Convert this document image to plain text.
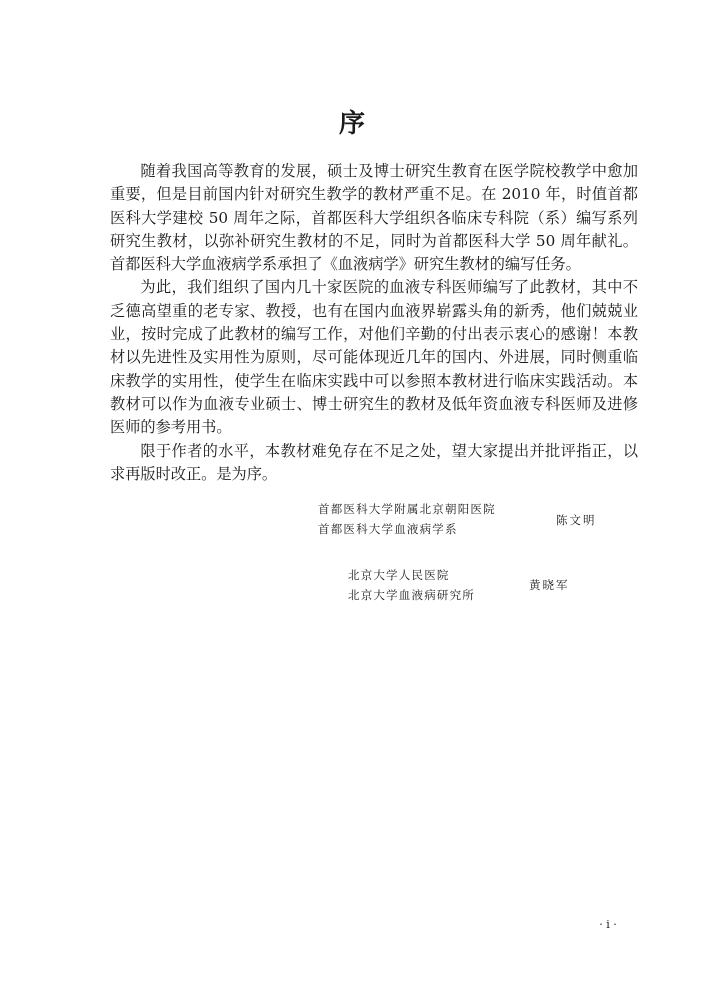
序

随着我国高等教育的发展，硕士及博士研究生教育在医学院校教学中愈加重要，但是目前国内针对研究生教学的教材严重不足。在 2010 年，时值首都医科大学建校 50 周年之际，首都医科大学组织各临床专科院（系）编写系列研究生教材，以弥补研究生教材的不足，同时为首都医科大学 50 周年献礼。首都医科大学血液病学系承担了《血液病学》研究生教材的编写任务。

为此，我们组织了国内几十家医院的血液专科医师编写了此教材，其中不乏德高望重的老专家、教授，也有在国内血液界崭露头角的新秀，他们兢兢业业，按时完成了此教材的编写工作，对他们辛勤的付出表示衷心的感谢！本教材以先进性及实用性为原则，尽可能体现近几年的国内、外进展，同时侧重临床教学的实用性，使学生在临床实践中可以参照本教材进行临床实践活动。本教材可以作为血液专业硕士、博士研究生的教材及低年资血液专科医师及进修医师的参考用书。

限于作者的水平，本教材难免存在不足之处，望大家提出并批评指正，以求再版时改正。是为序。

首都医科大学附属北京朝阳医院
首都医科大学血液病学系
陈文明
北京大学人民医院
北京大学血液病研究所
黄晓军
· i ·
